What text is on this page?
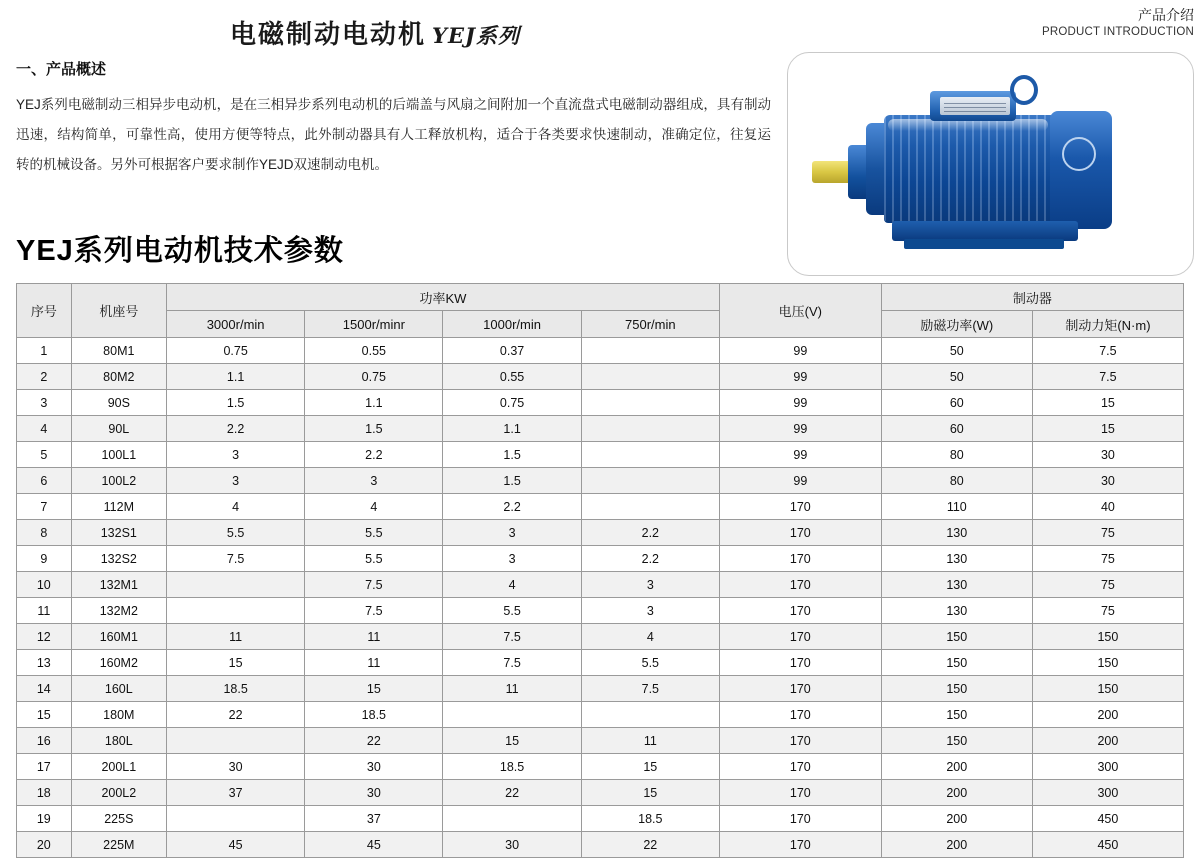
电磁制动电动机 YEJ系列
产品介绍
PRODUCT INTRODUCTION
一、产品概述
YEJ系列电磁制动三相异步电动机，是在三相异步系列电动机的后端盖与风扇之间附加一个直流盘式电磁制动器组成，具有制动迅速，结构简单，可靠性高，使用方便等特点，此外制动器具有人工释放机构，适合于各类要求快速制动，准确定位，往复运转的机械设备。另外可根据客户要求制作YEJD双速制动电机。
YEJ系列电动机技术参数
序号	机座号	功率KW				电压(V)	制动器	
		3000r/min	1500r/minr	1000r/min	750r/min		励磁功率(W)	制动力矩(N·m)
1	80M1	0.75	0.55	0.37		99	50	7.5
2	80M2	1.1	0.75	0.55		99	50	7.5
3	90S	1.5	1.1	0.75		99	60	15
4	90L	2.2	1.5	1.1		99	60	15
5	100L1	3	2.2	1.5		99	80	30
6	100L2	3	3	1.5		99	80	30
7	112M	4	4	2.2		170	110	40
8	132S1	5.5	5.5	3	2.2	170	130	75
9	132S2	7.5	5.5	3	2.2	170	130	75
10	132M1		7.5	4	3	170	130	75
11	132M2		7.5	5.5	3	170	130	75
12	160M1	11	11	7.5	4	170	150	150
13	160M2	15	11	7.5	5.5	170	150	150
14	160L	18.5	15	11	7.5	170	150	150
15	180M	22	18.5			170	150	200
16	180L		22	15	11	170	150	200
17	200L1	30	30	18.5	15	170	200	300
18	200L2	37	30	22	15	170	200	300
19	225S		37		18.5	170	200	450
20	225M	45	45	30	22	170	200	450
